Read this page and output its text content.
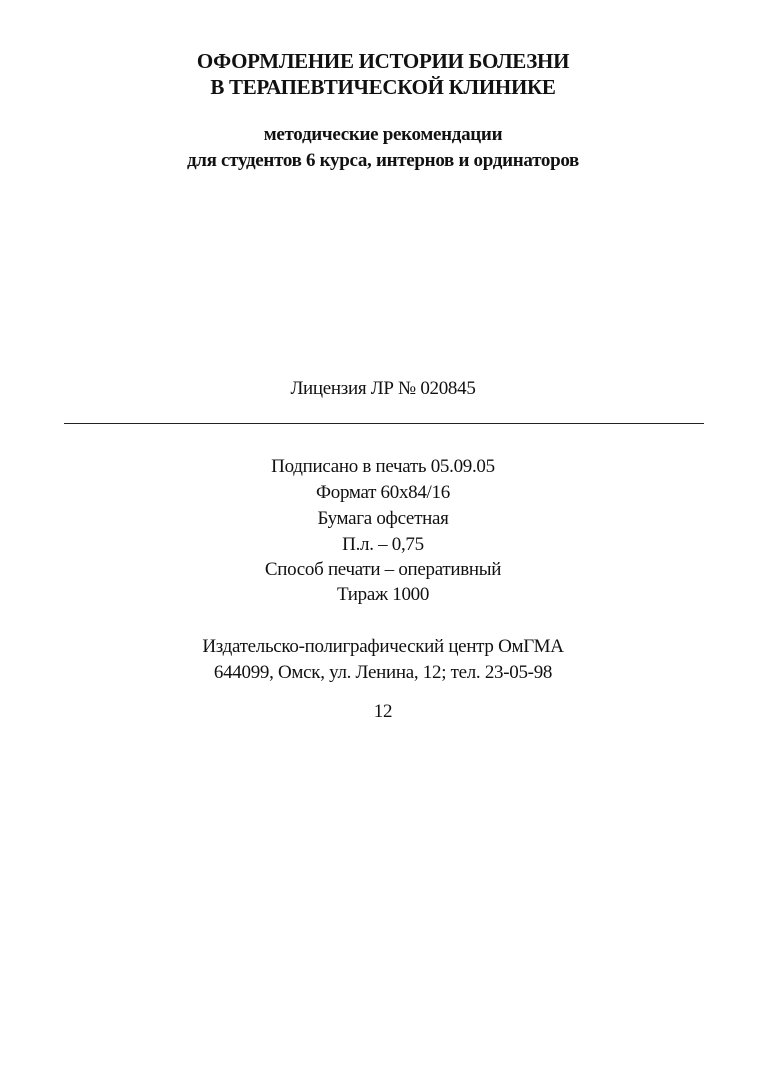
ОФОРМЛЕНИЕ ИСТОРИИ БОЛЕЗНИ
В ТЕРАПЕВТИЧЕСКОЙ КЛИНИКЕ
методические рекомендации
для студентов 6 курса, интернов и ординаторов
Лицензия ЛР № 020845
Подписано в печать 05.09.05
Формат 60х84/16
Бумага офсетная
П.л. – 0,75
Способ печати – оперативный
Тираж 1000
Издательско-полиграфический центр ОмГМА
644099, Омск, ул. Ленина, 12; тел. 23-05-98
12
